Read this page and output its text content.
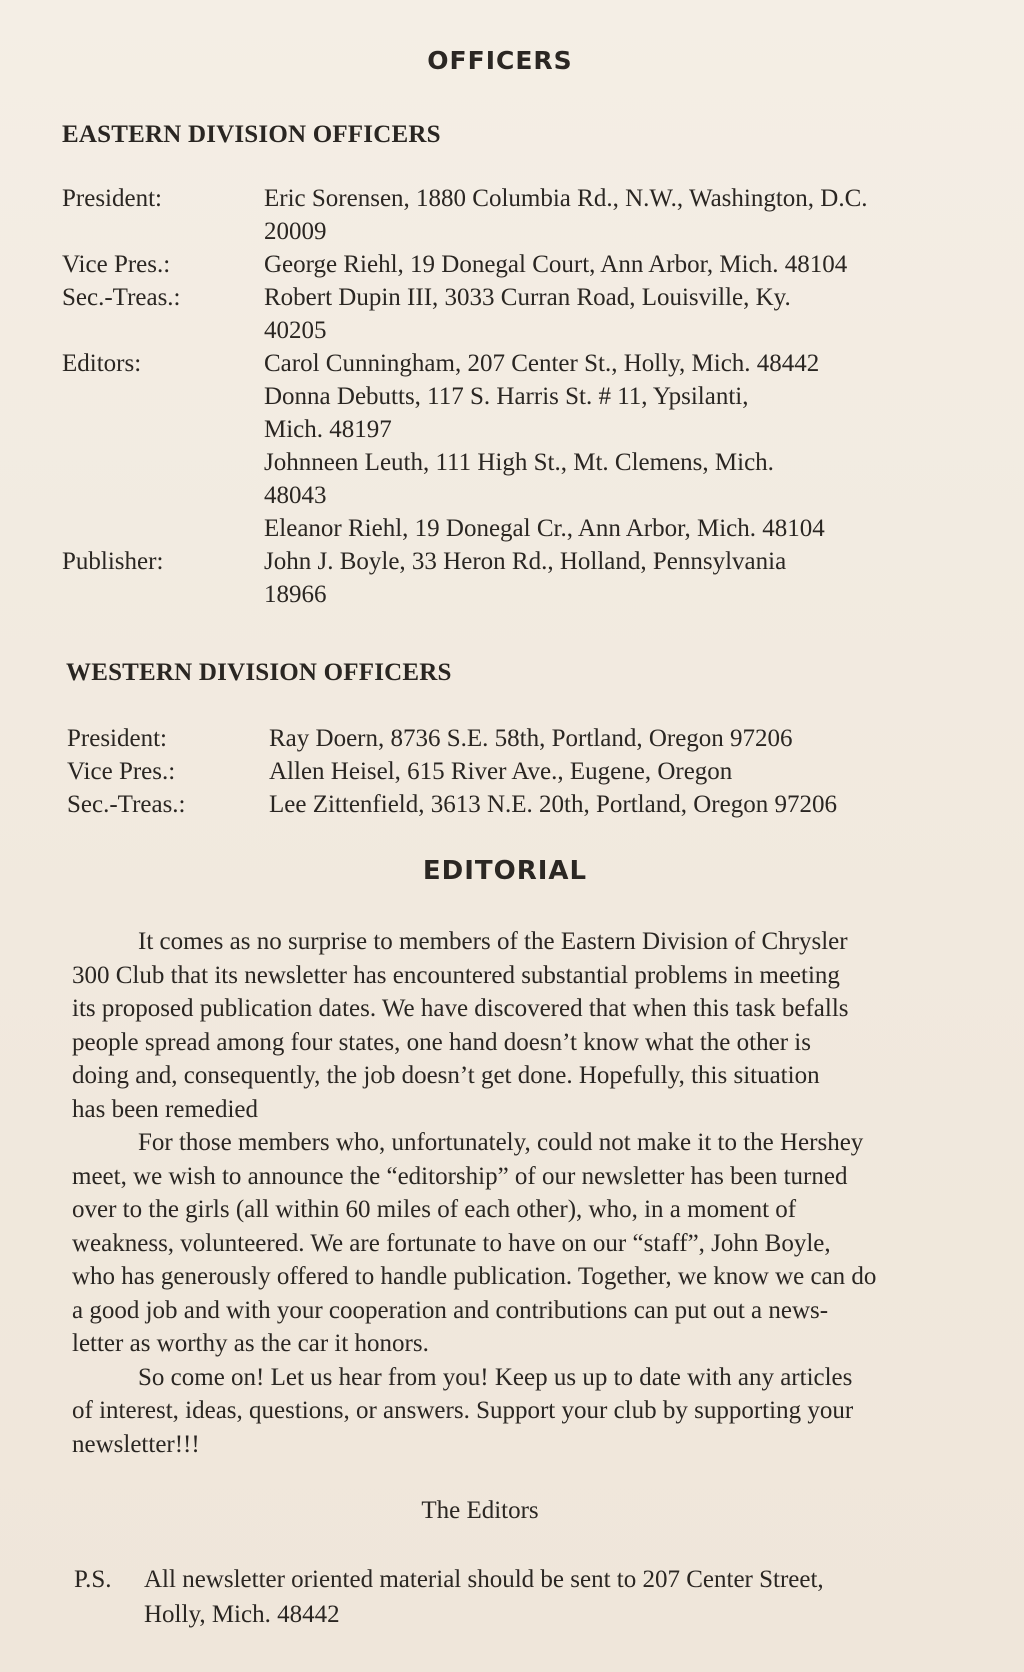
OFFICERS
EASTERN DIVISION OFFICERS
President:	Eric Sorensen, 1880 Columbia Rd., N.W., Washington, D.C.
20009
Vice Pres.:	George Riehl, 19 Donegal Court, Ann Arbor, Mich. 48104
Sec.-Treas.:	Robert Dupin III, 3033 Curran Road, Louisville, Ky.
40205
Editors:	Carol Cunningham, 207 Center St., Holly, Mich. 48442
Donna Debutts, 117 S. Harris St. # 11, Ypsilanti,
Mich. 48197
Johnneen Leuth, 111 High St., Mt. Clemens, Mich.
48043
Eleanor Riehl, 19 Donegal Cr., Ann Arbor, Mich. 48104
Publisher:	John J. Boyle, 33 Heron Rd., Holland, Pennsylvania
18966
WESTERN DIVISION OFFICERS
President:	Ray Doern, 8736 S.E. 58th, Portland, Oregon 97206
Vice Pres.:	Allen Heisel, 615 River Ave., Eugene, Oregon
Sec.-Treas.:	Lee Zittenfield, 3613 N.E. 20th, Portland, Oregon 97206
EDITORIAL
It comes as no surprise to members of the Eastern Division of Chrysler
300 Club that its newsletter has encountered substantial problems in meeting
its proposed publication dates. We have discovered that when this task befalls
people spread among four states, one hand doesn’t know what the other is
doing and, consequently, the job doesn’t get done. Hopefully, this situation
has been remedied
For those members who, unfortunately, could not make it to the Hershey
meet, we wish to announce the “editorship” of our newsletter has been turned
over to the girls (all within 60 miles of each other), who, in a moment of
weakness, volunteered. We are fortunate to have on our “staff”, John Boyle,
who has generously offered to handle publication. Together, we know we can do
a good job and with your cooperation and contributions can put out a news-
letter as worthy as the car it honors.
So come on! Let us hear from you! Keep us up to date with any articles
of interest, ideas, questions, or answers. Support your club by supporting your
newsletter!!!
The Editors
P.S.	All newsletter oriented material should be sent to 207 Center Street,
Holly, Mich. 48442
